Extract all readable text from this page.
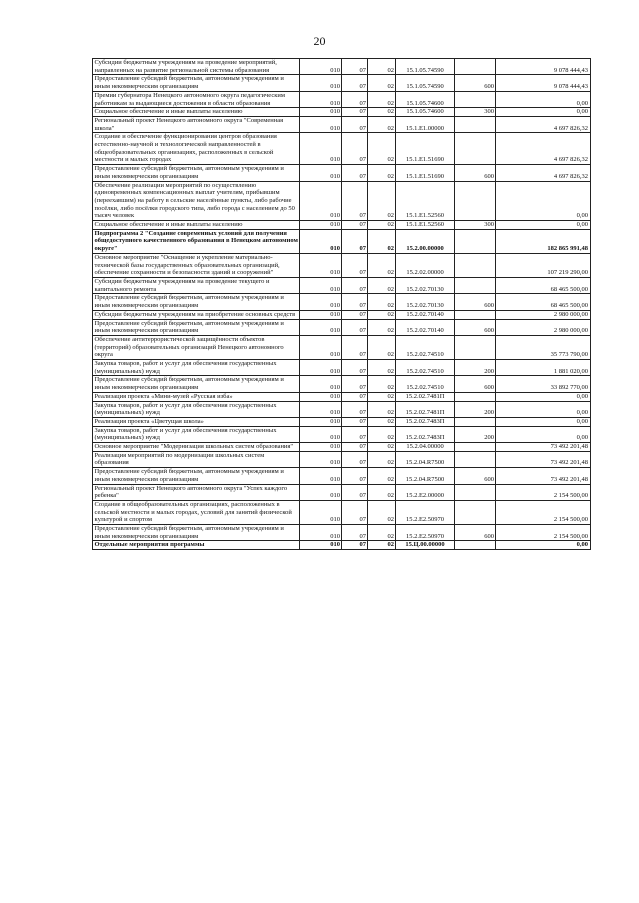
20
Субсидии бюджетным учреждениям на проведение мероприятий, направленных на развитие региональной системы образования	010	07	02	15.1.05.74590		9 078 444,43
Предоставление субсидий бюджетным, автономным учреждениям и иным некоммерческим организациям	010	07	02	15.1.05.74590	600	9 078 444,43
Премии губернатора Ненецкого автономного округа педагогическим работникам за выдающиеся достижения в области образования	010	07	02	15.1.05.74600		0,00
Социальное обеспечение и иные выплаты населению	010	07	02	15.1.05.74600	300	0,00
Региональный проект Ненецкого автономного округа "Современная школа"	010	07	02	15.1.E1.00000		4 697 826,32
Создание и обеспечение функционирования центров образования естественно-научной и технологической направленностей в общеобразовательных организациях, расположенных в сельской местности и малых городах	010	07	02	15.1.E1.51690		4 697 826,32
Предоставление субсидий бюджетным, автономным учреждениям и иным некоммерческим организациям	010	07	02	15.1.E1.51690	600	4 697 826,32
Обеспечение реализации мероприятий по осуществлению единовременных компенсационных выплат учителям, прибывшим (переехавшим) на работу в сельские населённые пункты, либо рабочие посёлки, либо посёлки городского типа, либо города с населением до 50 тысяч человек	010	07	02	15.1.E1.52560		0,00
Социальное обеспечение и иные выплаты населению	010	07	02	15.1.E1.52560	300	0,00
Подпрограмма 2 "Создание современных условий для получения общедоступного качественного образования в Ненецком автономном округе"	010	07	02	15.2.00.00000		182 865 991,48
Основное мероприятие "Оснащение и укрепление материально-технической базы государственных образовательных организаций, обеспечение сохранности и безопасности зданий и сооружений"	010	07	02	15.2.02.00000		107 219 290,00
Субсидии бюджетным учреждениям на проведение текущего и капитального ремонта	010	07	02	15.2.02.70130		68 465 500,00
Предоставление субсидий бюджетным, автономным учреждениям и иным некоммерческим организациям	010	07	02	15.2.02.70130	600	68 465 500,00
Субсидии бюджетным учреждениям на приобретение основных средств	010	07	02	15.2.02.70140		2 980 000,00
Предоставление субсидий бюджетным, автономным учреждениям и иным некоммерческим организациям	010	07	02	15.2.02.70140	600	2 980 000,00
Обеспечение антитеррористической защищённости объектов (территорий) образовательных организаций Ненецкого автономного округа	010	07	02	15.2.02.74510		35 773 790,00
Закупка товаров, работ и услуг для обеспечения государственных (муниципальных) нужд	010	07	02	15.2.02.74510	200	1 881 020,00
Предоставление субсидий бюджетным, автономным учреждениям и иным некоммерческим организациям	010	07	02	15.2.02.74510	600	33 892 770,00
Реализация проекта «Мини-музей «Русская изба»	010	07	02	15.2.02.7481П		0,00
Закупка товаров, работ и услуг для обеспечения государственных (муниципальных) нужд	010	07	02	15.2.02.7481П	200	0,00
Реализация проекта «Цветущая школа»	010	07	02	15.2.02.7483П		0,00
Закупка товаров, работ и услуг для обеспечения государственных (муниципальных) нужд	010	07	02	15.2.02.7483П	200	0,00
Основное мероприятие "Модернизация школьных систем образования"	010	07	02	15.2.04.00000		73 492 201,48
Реализация мероприятий по модернизации школьных систем образования	010	07	02	15.2.04.R7500		73 492 201,48
Предоставление субсидий бюджетным, автономным учреждениям и иным некоммерческим организациям	010	07	02	15.2.04.R7500	600	73 492 201,48
Региональный проект Ненецкого автономного округа "Успех каждого ребенка"	010	07	02	15.2.E2.00000		2 154 500,00
Создание в общеобразовательных организациях, расположенных в сельской местности и малых городах, условий для занятий физической культурой и спортом	010	07	02	15.2.E2.50970		2 154 500,00
Предоставление субсидий бюджетным, автономным учреждениям и иным некоммерческим организациям	010	07	02	15.2.E2.50970	600	2 154 500,00
Отдельные мероприятия программы	010	07	02	15.Ц.00.00000		0,00
